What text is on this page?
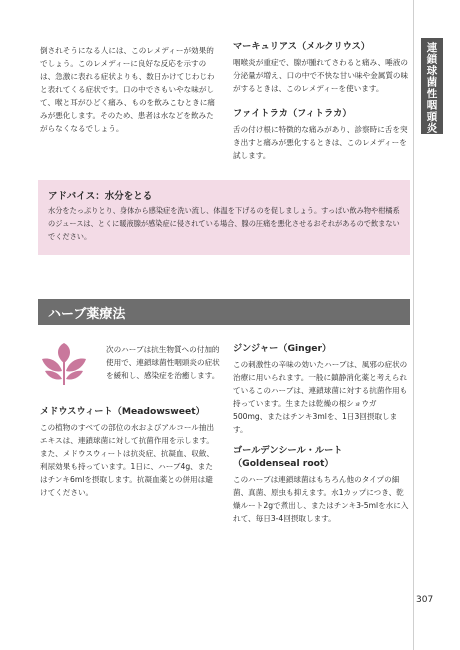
連鎖球菌性咽頭炎

倒されそうになる人には、このレメディーが効果的でしょう。このレメディーに良好な反応を示すのは、急激に表れる症状よりも、数日かけてじわじわと表れてくる症状です。口の中でさもいやな味がして、喉と耳がひどく痛み、ものを飲みこむときに痛みが悪化します。そのため、患者は水などを飲みたがらなくなるでしょう。

マーキュリアス（メルクリウス）

咽喉炎が重症で、腺が腫れてさわると痛み、唾液の分泌量が増え、口の中で不快な甘い味や金属質の味がするときは、このレメディーを使います。

ファイトラカ（フィトラカ）

舌の付け根に特徴的な痛みがあり、診察時に舌を突き出すと痛みが悪化するときは、このレメディーを試します。

アドバイス：水分をとる

水分をたっぷりとり、身体から感染症を洗い流し、体温を下げるのを促しましょう。すっぱい飲み物や柑橘系のジュースは、とくに暖液腺が感染症に侵されている場合、腺の圧痛を悪化させるおそれがあるので飲まないでください。

ハーブ薬療法

次のハーブは抗生物質への付加的使用で、連鎖球菌性咽頭炎の症状を緩和し、感染症を治癒します。

メドウスウィート（Meadowsweet）

この植物のすべての部位の水およびアルコール抽出エキスは、連鎖球菌に対して抗菌作用を示します。また、メドウスウィートは抗炎症、抗凝血、収斂、利尿効果も持っています。1日に、ハーブ4g、またはチンキ6mlを摂取します。抗凝血薬との併用は避けてください。

ジンジャー（Ginger）

この刺激性の辛味の効いたハーブは、風邪の症状の治療に用いられます。一般に鎮静消化薬と考えられているこのハーブは、連鎖球菌に対する抗菌作用も持っています。生または乾燥の根ショウガ500mg、またはチンキ3mlを、1日3回摂取します。

ゴールデンシール・ルート（Goldenseal root）

このハーブは連鎖球菌はもちろん他のタイプの細菌、真菌、原虫も抑えます。水1カップにつき、乾燥ルート2gで煮出し、またはチンキ3-5mlを水に入れて、毎日3-4回摂取します。

307
